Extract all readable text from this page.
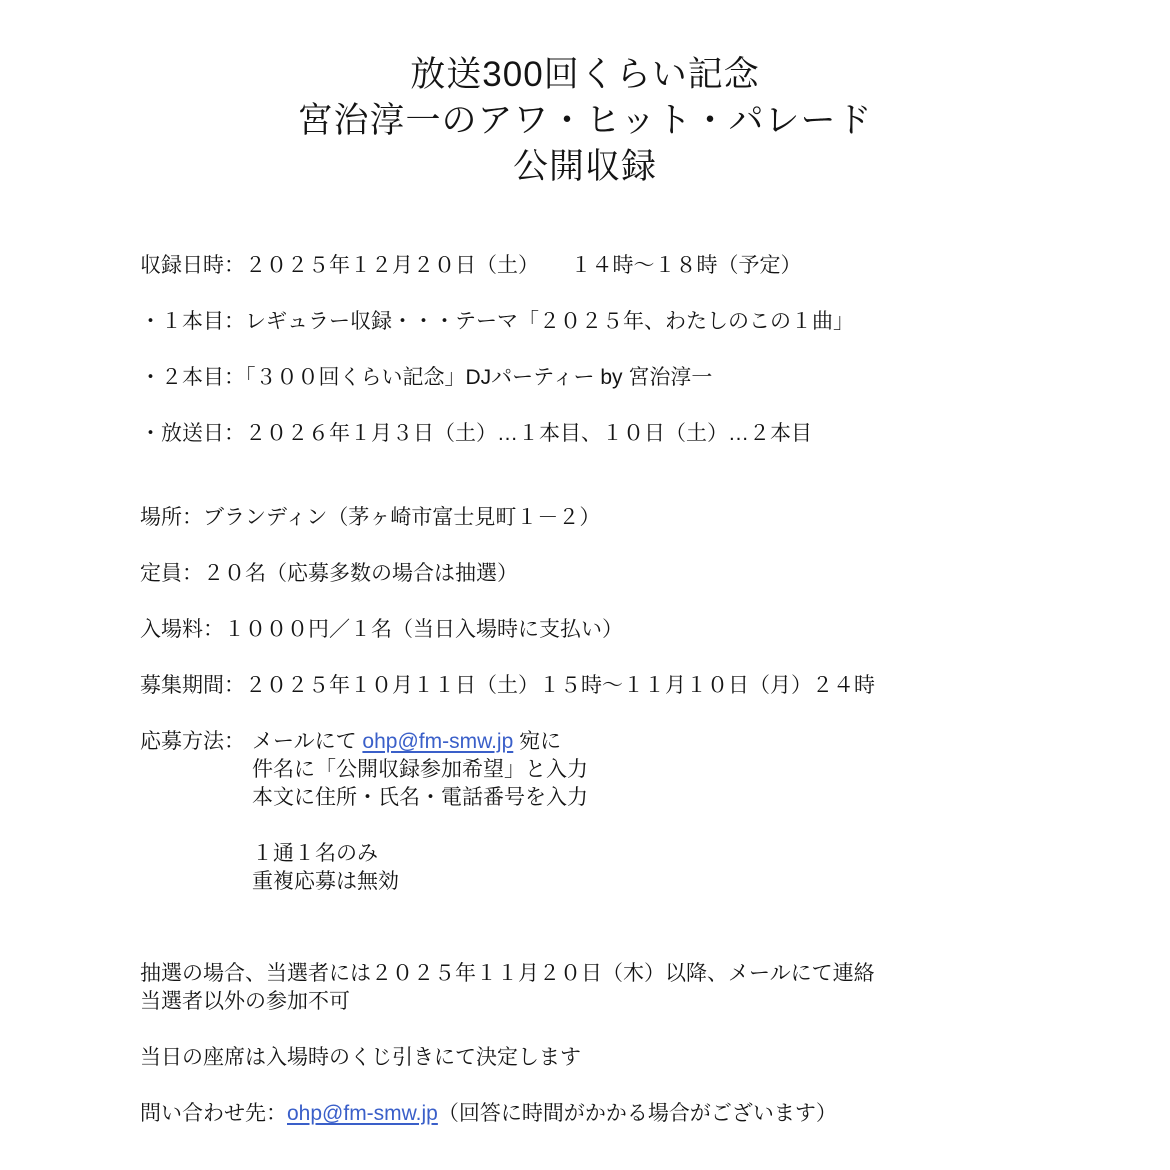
放送300回くらい記念
宮治淳一のアワ・ヒット・パレード
公開収録

収録日時：２０２５年１２月２０日（土）　　１４時〜１８時（予定）

・１本目：レギュラー収録・・・テーマ「２０２５年、わたしのこの１曲」

・２本目：「３００回くらい記念」DJパーティー by 宮治淳一

・放送日：２０２６年１月３日（土）…１本目、１０日（土）…２本目

場所：ブランディン（茅ヶ崎市富士見町１－２）

定員：２０名（応募多数の場合は抽選）

入場料：１０００円／１名（当日入場時に支払い）

募集期間：２０２５年１０月１１日（土）１５時〜１１月１０日（月）２４時

応募方法： メールにて ohp@fm-smw.jp 宛に

件名に「公開収録参加希望」と入力

本文に住所・氏名・電話番号を入力

１通１名のみ

重複応募は無効

抽選の場合、当選者には２０２５年１１月２０日（木）以降、メールにて連絡

当選者以外の参加不可

当日の座席は入場時のくじ引きにて決定します

問い合わせ先：ohp@fm-smw.jp（回答に時間がかかる場合がございます）
